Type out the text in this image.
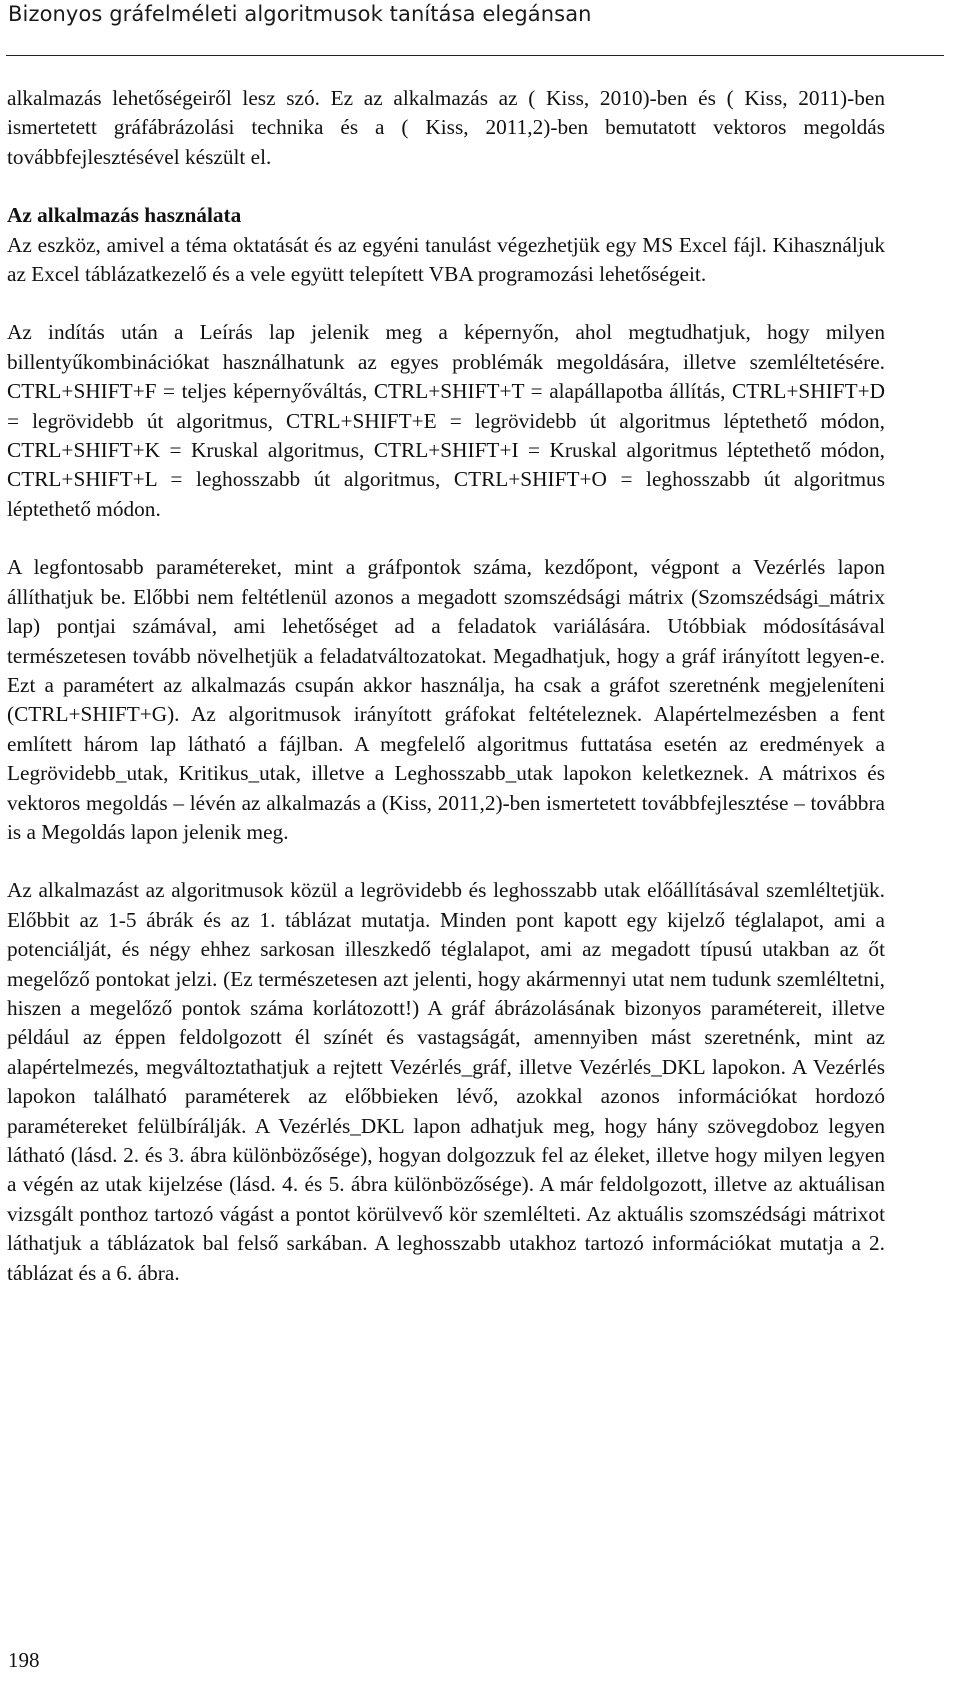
Bizonyos gráfelméleti algoritmusok tanítása elegánsan

alkalmazás lehetőségeiről lesz szó. Ez az alkalmazás az ( Kiss, 2010)-ben és ( Kiss, 2011)-ben ismertetett gráfábrázolási technika és a ( Kiss, 2011,2)-ben bemutatott vektoros megoldás továbbfejlesztésével készült el.

Az alkalmazás használata

Az eszköz, amivel a téma oktatását és az egyéni tanulást végezhetjük egy MS Excel fájl. Kihasználjuk az Excel táblázatkezelő és a vele együtt telepített VBA programozási lehetőségeit.

Az indítás után a Leírás lap jelenik meg a képernyőn, ahol megtudhatjuk, hogy milyen billentyűkombinációkat használhatunk az egyes problémák megoldására, illetve szemléltetésére. CTRL+SHIFT+F = teljes képernyőváltás, CTRL+SHIFT+T = alapállapotba állítás, CTRL+SHIFT+D = legrövidebb út algoritmus, CTRL+SHIFT+E = legrövidebb út algoritmus léptethető módon, CTRL+SHIFT+K = Kruskal algoritmus, CTRL+SHIFT+I = Kruskal algoritmus léptethető módon, CTRL+SHIFT+L = leghosszabb út algoritmus, CTRL+SHIFT+O = leghosszabb út algoritmus léptethető módon.

A legfontosabb paramétereket, mint a gráfpontok száma, kezdőpont, végpont a Vezérlés lapon állíthatjuk be. Előbbi nem feltétlenül azonos a megadott szomszédsági mátrix (Szomszédsági_mátrix lap) pontjai számával, ami lehetőséget ad a feladatok variálására. Utóbbiak módosításával természetesen tovább növelhetjük a feladatváltozatokat. Megadhatjuk, hogy a gráf irányított legyen-e. Ezt a paramétert az alkalmazás csupán akkor használja, ha csak a gráfot szeretnénk megjeleníteni (CTRL+SHIFT+G). Az algoritmusok irányított gráfokat feltételeznek. Alapértelmezésben a fent említett három lap látható a fájlban. A megfelelő algoritmus futtatása esetén az eredmények a Legrövidebb_utak, Kritikus_utak, illetve a Leghosszabb_utak lapokon keletkeznek. A mátrixos és vektoros megoldás – lévén az alkalmazás a (Kiss, 2011,2)-ben ismertetett továbbfejlesztése – továbbra is a Megoldás lapon jelenik meg.

Az alkalmazást az algoritmusok közül a legrövidebb és leghosszabb utak előállításával szemléltetjük. Előbbit az 1-5 ábrák és az 1. táblázat mutatja. Minden pont kapott egy kijelző téglalapot, ami a potenciálját, és négy ehhez sarkosan illeszkedő téglalapot, ami az megadott típusú utakban az őt megelőző pontokat jelzi. (Ez természetesen azt jelenti, hogy akármennyi utat nem tudunk szemléltetni, hiszen a megelőző pontok száma korlátozott!) A gráf ábrázolásának bizonyos paramétereit, illetve például az éppen feldolgozott él színét és vastagságát, amennyiben mást szeretnénk, mint az alapértelmezés, megváltoztathatjuk a rejtett Vezérlés_gráf, illetve Vezérlés_DKL lapokon. A Vezérlés lapokon található paraméterek az előbbieken lévő, azokkal azonos információkat hordozó paramétereket felülbírálják. A Vezérlés_DKL lapon adhatjuk meg, hogy hány szövegdoboz legyen látható (lásd. 2. és 3. ábra különbözősége), hogyan dolgozzuk fel az éleket, illetve hogy milyen legyen a végén az utak kijelzése (lásd. 4. és 5. ábra különbözősége). A már feldolgozott, illetve az aktuálisan vizsgált ponthoz tartozó vágást a pontot körülvevő kör szemlélteti. Az aktuális szomszédsági mátrixot láthatjuk a táblázatok bal felső sarkában. A leghosszabb utakhoz tartozó információkat mutatja a 2. táblázat és a 6. ábra.

198
